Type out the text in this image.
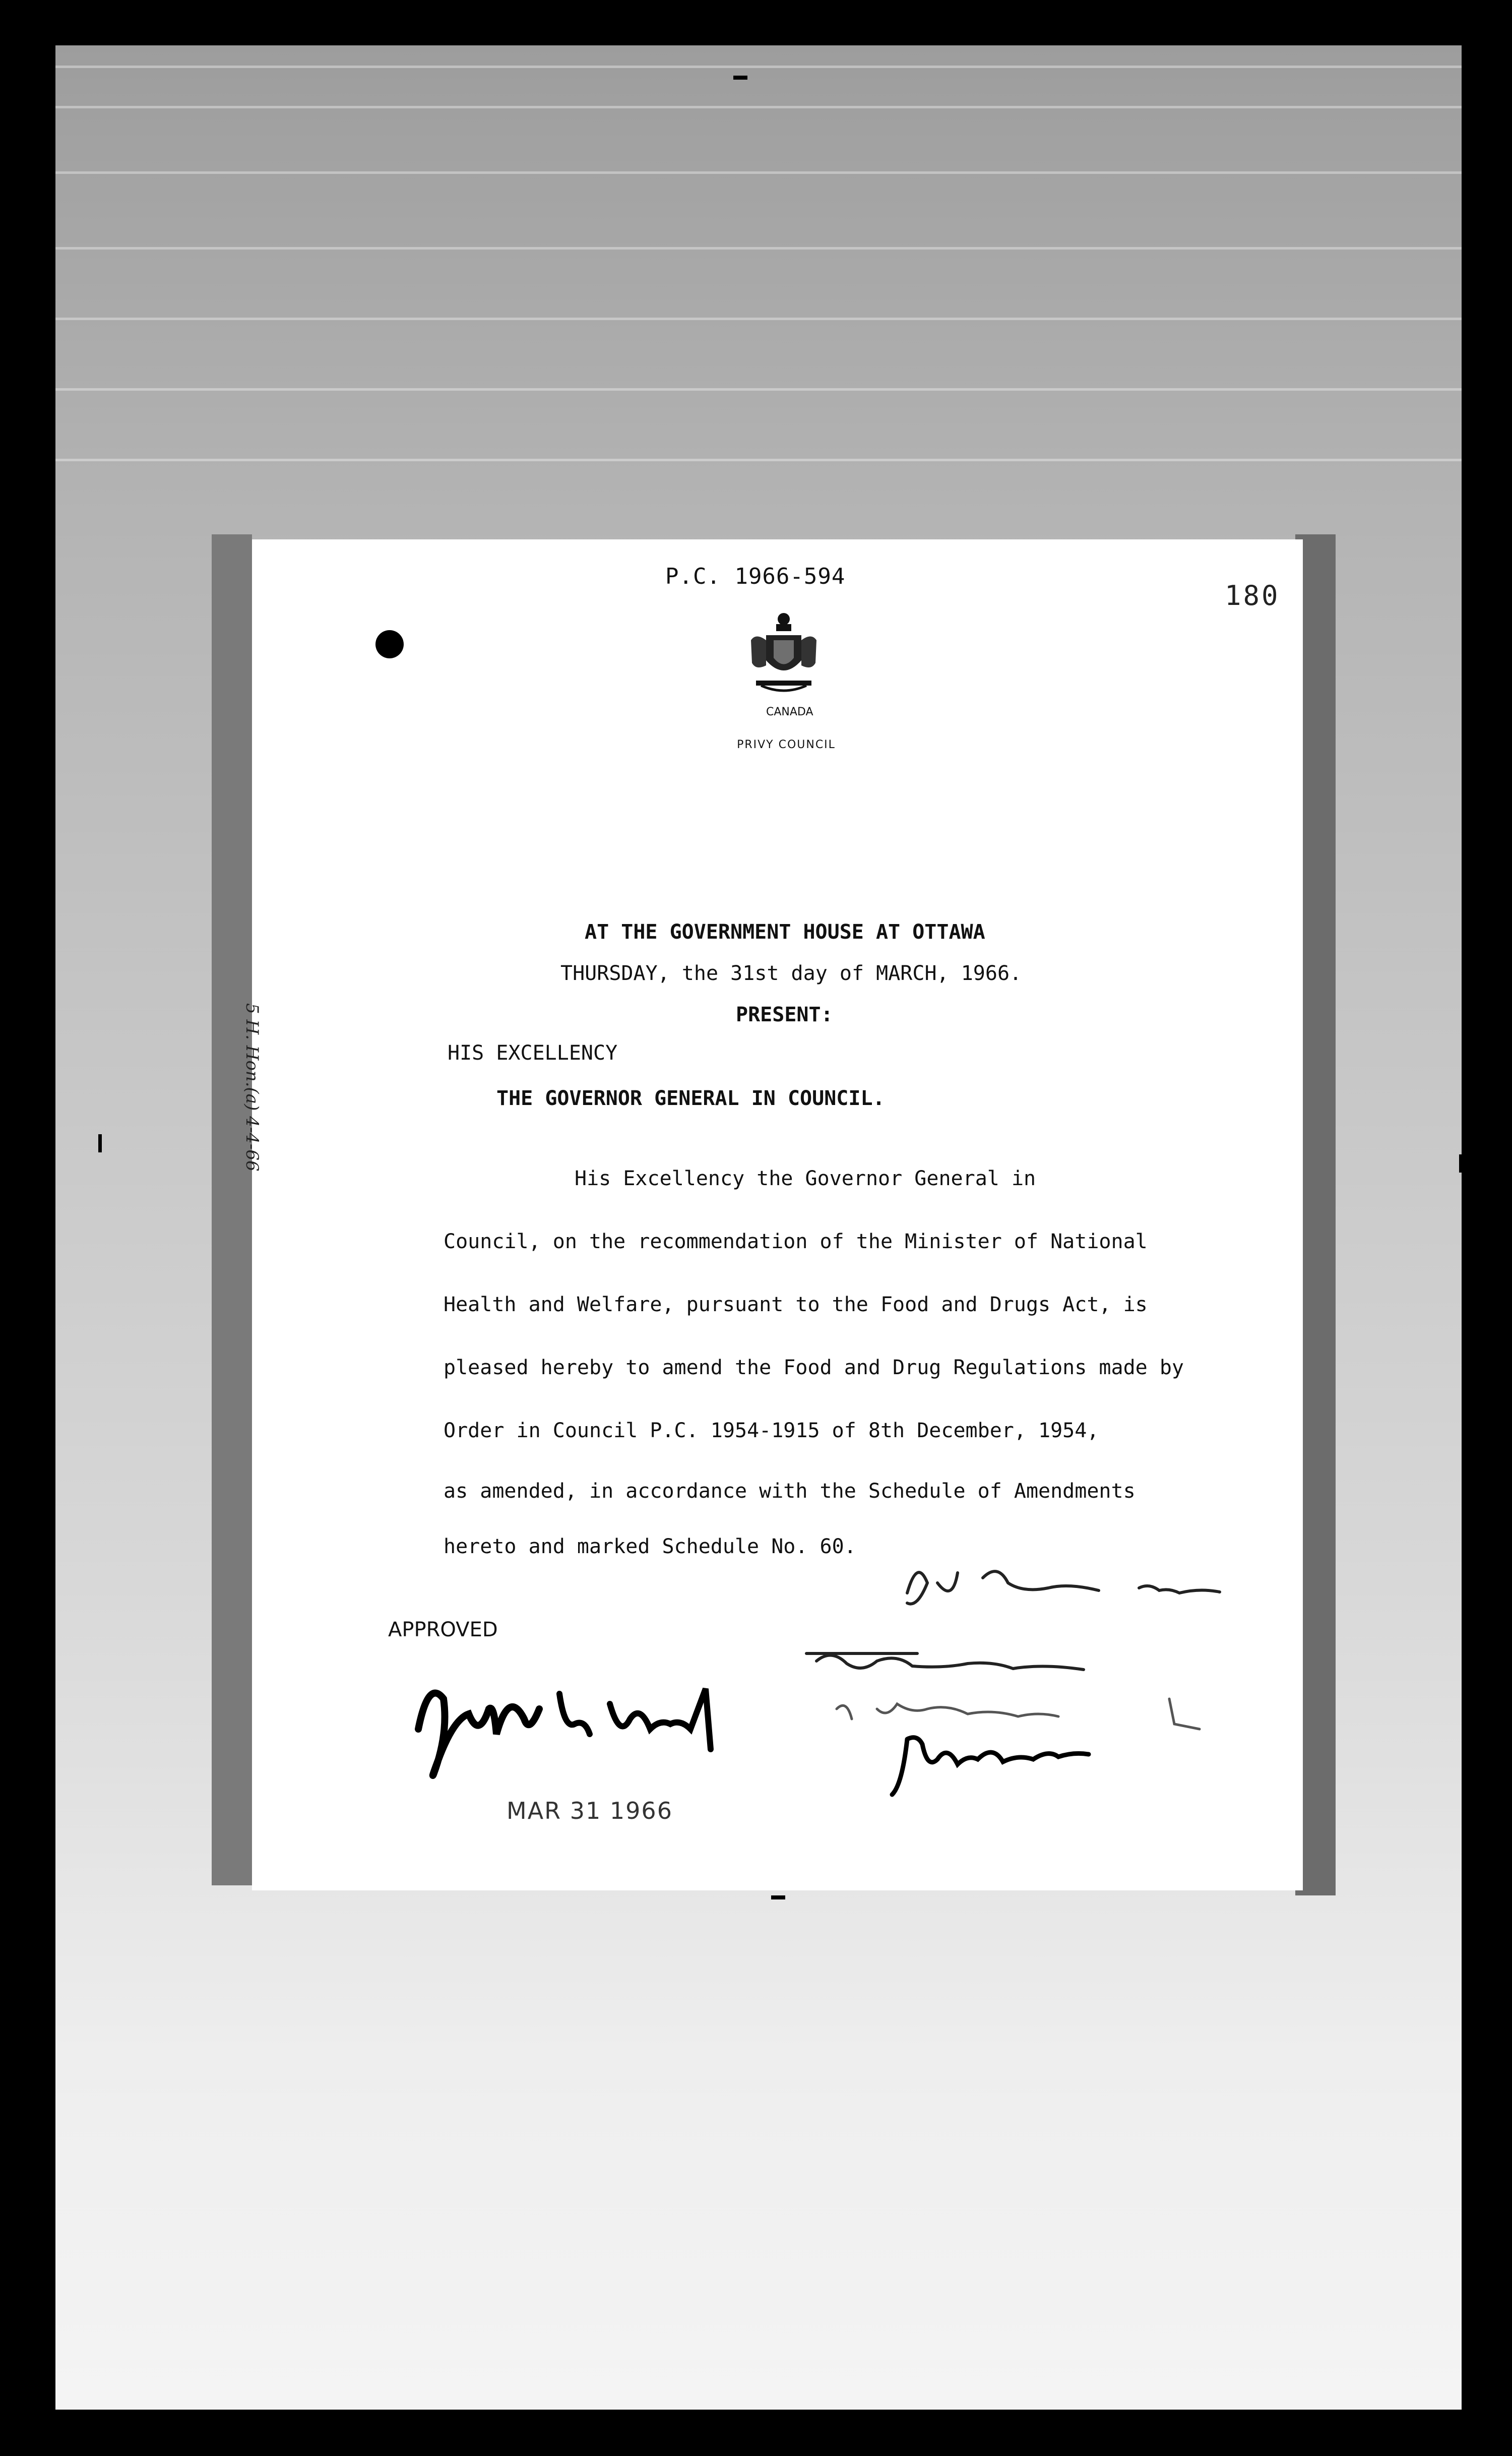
P.C. 1966-594
180
CANADA
PRIVY COUNCIL
AT THE GOVERNMENT HOUSE AT OTTAWA
THURSDAY, the 31st day of MARCH, 1966.
PRESENT:
HIS EXCELLENCY
THE GOVERNOR GENERAL IN COUNCIL.
His Excellency the Governor General in
Council, on the recommendation of the Minister of National
Health and Welfare, pursuant to the Food and Drugs Act, is
pleased hereby to amend the Food and Drug Regulations made by
Order in Council P.C. 1954-1915 of 8th December, 1954,
as amended, in accordance with the Schedule of Amendments
hereto and marked Schedule No. 60.
5 H. Hon.(a) 4-4-66
APPROVED
MAR 31 1966
